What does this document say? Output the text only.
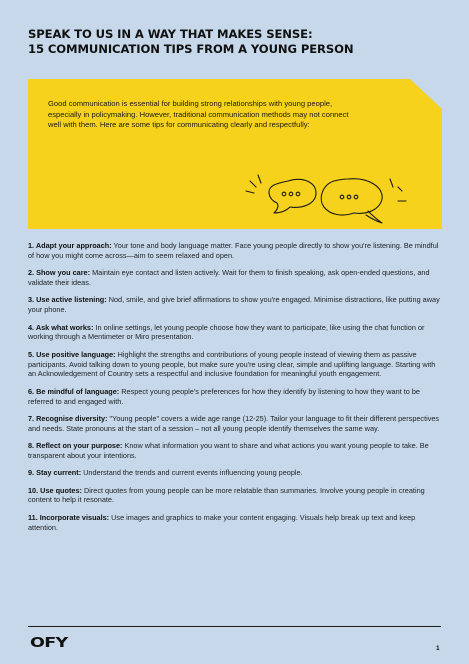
SPEAK TO US IN A WAY THAT MAKES SENSE:
15 COMMUNICATION TIPS FROM A YOUNG PERSON

Good communication is essential for building strong relationships with young people, especially in policymaking. However, traditional communication methods may not connect well with them. Here are some tips for communicating clearly and respectfully:

1. Adapt your approach: Your tone and body language matter. Face young people directly to show you're listening. Be mindful of how you might come across—aim to seem relaxed and open.

2. Show you care: Maintain eye contact and listen actively. Wait for them to finish speaking, ask open-ended questions, and validate their ideas.

3. Use active listening: Nod, smile, and give brief affirmations to show you're engaged. Minimise distractions, like putting away your phone.

4. Ask what works: In online settings, let young people choose how they want to participate, like using the chat function or working through a Mentimeter or Miro presentation.

5. Use positive language: Highlight the strengths and contributions of young people instead of viewing them as passive participants. Avoid talking down to young people, but make sure you're using clear, simple and uplifting language. Starting with an Acknowledgement of Country sets a respectful and inclusive foundation for meaningful youth engagement.

6. Be mindful of language: Respect young people's preferences for how they identify by listening to how they want to be referred to and engaged with.

7. Recognise diversity: "Young people" covers a wide age range (12-25). Tailor your language to fit their different perspectives and needs. State pronouns at the start of a session – not all young people identify themselves the same way.

8. Reflect on your purpose: Know what information you want to share and what actions you want young people to take. Be transparent about your intentions.

9. Stay current: Understand the trends and current events influencing young people.

10. Use quotes: Direct quotes from young people can be more relatable than summaries. Involve young people in creating content to help it resonate.

11. Incorporate visuals: Use images and graphics to make your content engaging. Visuals help break up text and keep attention.

OFY	1
